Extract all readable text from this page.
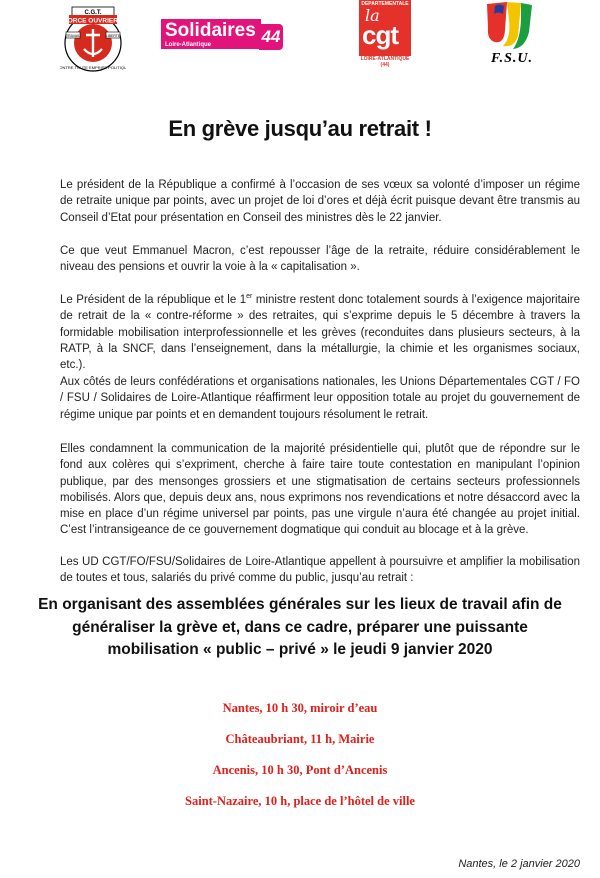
C.G.T.
FORCE OUVRIERE
TRAVAIL	LIBERTE
CONTRE TOUTE EMPRISE POLITIQUE
Solidaires
Loire-Atlantique	44
DEPARTEMENTALE
la
cgt
LOIRE-ATLANTIQUE (44)	F.S.U.
En grève jusqu’au retrait !

Le président de la République a confirmé à l’occasion de ses vœux sa volonté d’imposer un régime de retraite unique par points, avec un projet de loi d’ores et déjà écrit puisque devant être transmis au Conseil d’Etat pour présentation en Conseil des ministres dès le 22 janvier.

Ce que veut Emmanuel Macron, c’est repousser l’âge de la retraite, réduire considérablement le niveau des pensions et ouvrir la voie à la « capitalisation ».

Le Président de la république et le 1er ministre restent donc totalement sourds à l’exigence majoritaire de retrait de la « contre-réforme » des retraites, qui s’exprime depuis le 5 décembre à travers la formidable mobilisation interprofessionnelle et les grèves (reconduites dans plusieurs secteurs, à la RATP, à la SNCF, dans l’enseignement, dans la métallurgie, la chimie et les organismes sociaux, etc.).

Aux côtés de leurs confédérations et organisations nationales, les Unions Départementales CGT / FO / FSU / Solidaires de Loire-Atlantique réaffirment leur opposition totale au projet du gouvernement de régime unique par points et en demandent toujours résolument le retrait.

Elles condamnent la communication de la majorité présidentielle qui, plutôt que de répondre sur le fond aux colères qui s’expriment, cherche à faire taire toute contestation en manipulant l’opinion publique, par des mensonges grossiers et une stigmatisation de certains secteurs professionnels mobilisés. Alors que, depuis deux ans, nous exprimons nos revendications et notre désaccord avec la mise en place d’un régime universel par points, pas une virgule n’aura été changée au projet initial. C’est l’intransigeance de ce gouvernement dogmatique qui conduit au blocage et à la grève.

Les UD CGT/FO/FSU/Solidaires de Loire-Atlantique appellent à poursuivre et amplifier la mobilisation de toutes et tous, salariés du privé comme du public, jusqu’au retrait :

En organisant des assemblées générales sur les lieux de travail afin de généraliser la grève et, dans ce cadre, préparer une puissante mobilisation « public – privé » le jeudi 9 janvier 2020
Nantes, 10 h 30, miroir d’eau
Châteaubriant, 11 h, Mairie
Ancenis, 10 h 30, Pont d’Ancenis
Saint-Nazaire, 10 h, place de l’hôtel de ville
Nantes, le 2 janvier 2020
